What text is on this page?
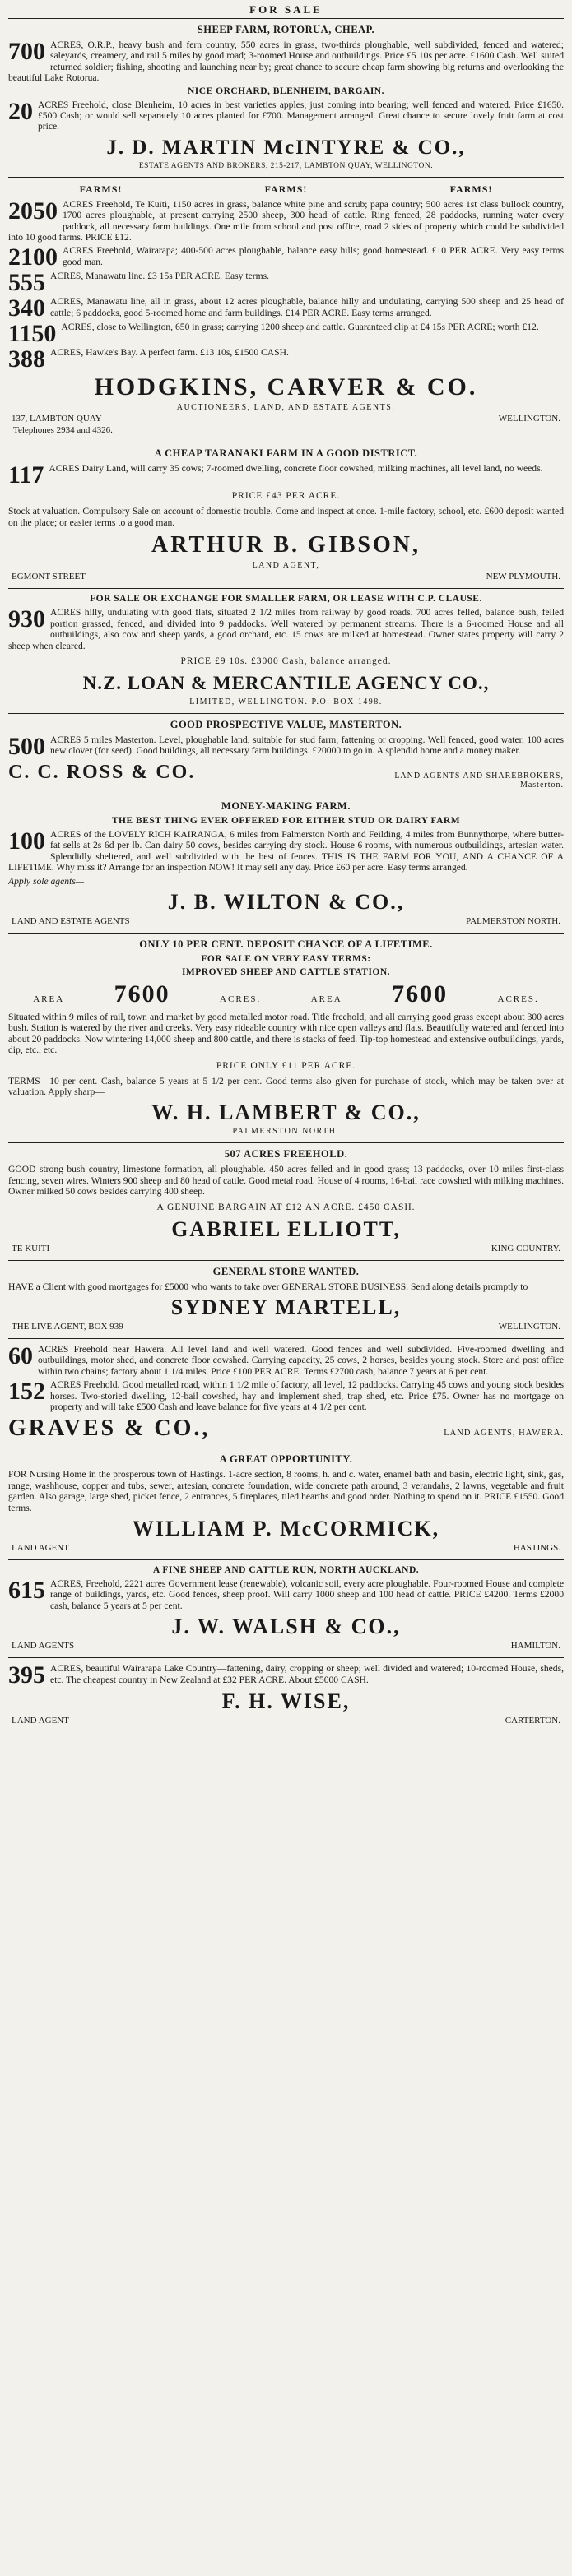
FOR SALE
SHEEP FARM, ROTORUA, CHEAP.
700 ACRES, O.R.P., heavy bush and fern country, 550 acres in grass, two-thirds ploughable, well subdivided, fenced and watered; saleyards, creamery, and rail 5 miles by good road; 3-roomed House and outbuildings. Price £5 10s per acre. £1600 Cash. Well suited returned soldier; fishing, shooting and launching near by; great chance to secure cheap farm showing big returns and overlooking the beautiful Lake Rotorua.
NICE ORCHARD, BLENHEIM, BARGAIN.
20 ACRES Freehold, close Blenheim, 10 acres in best varieties apples, just coming into bearing; well fenced and watered. Price £1650. £500 Cash; or would sell separately 10 acres planted for £700. Management arranged. Great chance to secure lovely fruit farm at cost price.
J. D. MARTIN McINTYRE & CO.,
ESTATE AGENTS AND BROKERS, 215-217, LAMBTON QUAY, WELLINGTON.
FARMS!	FARMS!	FARMS!
2050 ACRES Freehold, Te Kuiti, 1150 acres in grass, balance white pine and scrub; papa country; 500 acres 1st class bullock country, 1700 acres ploughable, at present carrying 2500 sheep, 300 head of cattle. Ring fenced, 28 paddocks, running water every paddock, all necessary farm buildings. One mile from school and post office, road 2 sides of property which could be subdivided into 10 good farms. PRICE £12.
2100 ACRES Freehold, Wairarapa; 400-500 acres ploughable, balance easy hills; good homestead. £10 PER ACRE. Very easy terms good man.
555 ACRES, Manawatu line. £3 15s PER ACRE. Easy terms.
340 ACRES, Manawatu line, all in grass, about 12 acres ploughable, balance hilly and undulating, carrying 500 sheep and 25 head of cattle; 6 paddocks, good 5-roomed home and farm buildings. £14 PER ACRE. Easy terms arranged.
1150 ACRES, close to Wellington, 650 in grass; carrying 1200 sheep and cattle. Guaranteed clip at £4 15s PER ACRE; worth £12.
388 ACRES, Hawke's Bay. A perfect farm. £13 10s, £1500 CASH.
HODGKINS, CARVER & CO.
AUCTIONEERS, LAND, AND ESTATE AGENTS.
137, LAMBTON QUAY	WELLINGTON.
Telephones 2934 and 4326.
A CHEAP TARANAKI FARM IN A GOOD DISTRICT.
117 ACRES Dairy Land, will carry 35 cows; 7-roomed dwelling, concrete floor cowshed, milking machines, all level land, no weeds.
PRICE £43 PER ACRE.
Stock at valuation. Compulsory Sale on account of domestic trouble. Come and inspect at once. 1-mile factory, school, etc. £600 deposit wanted on the place; or easier terms to a good man.
ARTHUR B. GIBSON,
LAND AGENT,
EGMONT STREET	NEW PLYMOUTH.
FOR SALE OR EXCHANGE FOR SMALLER FARM, OR LEASE WITH C.P. CLAUSE.
930 ACRES hilly, undulating with good flats, situated 2 1/2 miles from railway by good roads. 700 acres felled, balance bush, felled portion grassed, fenced, and divided into 9 paddocks. Well watered by permanent streams. There is a 6-roomed House and all outbuildings, also cow and sheep yards, a good orchard, etc. 15 cows are milked at homestead. Owner states property will carry 2 sheep when cleared.
PRICE £9 10s. £3000 Cash, balance arranged.
N.Z. LOAN & MERCANTILE AGENCY CO.,
LIMITED, WELLINGTON. P.O. BOX 1498.
GOOD PROSPECTIVE VALUE, MASTERTON.
500 ACRES 5 miles Masterton. Level, ploughable land, suitable for stud farm, fattening or cropping. Well fenced, good water, 100 acres new clover (for seed). Good buildings, all necessary farm buildings. £20000 to go in. A splendid home and a money maker.
C. C. ROSS & CO.	LAND AGENTS AND SHAREBROKERS, Masterton.
MONEY-MAKING FARM.
THE BEST THING EVER OFFERED FOR EITHER STUD OR DAIRY FARM
100 ACRES of the LOVELY RICH KAIRANGA, 6 miles from Palmerston North and Feilding, 4 miles from Bunnythorpe, where butter-fat sells at 2s 6d per lb. Can dairy 50 cows, besides carrying dry stock. House 6 rooms, with numerous outbuildings, artesian water. Splendidly sheltered, and well subdivided with the best of fences. THIS IS THE FARM FOR YOU, AND A CHANCE OF A LIFETIME. Why miss it? Arrange for an inspection NOW! It may sell any day. Price £60 per acre. Easy terms arranged.
Apply sole agents—
J. B. WILTON & CO.,
LAND AND ESTATE AGENTS	PALMERSTON NORTH.
ONLY 10 PER CENT. DEPOSIT CHANCE OF A LIFETIME.
FOR SALE ON VERY EASY TERMS:
IMPROVED SHEEP AND CATTLE STATION.
AREA 7600	ACRES.	AREA 7600	ACRES.
Situated within 9 miles of rail, town and market by good metalled motor road. Title freehold, and all carrying good grass except about 300 acres bush. Station is watered by the river and creeks. Very easy rideable country with nice open valleys and flats. Beautifully watered and fenced into about 20 paddocks. Now wintering 14,000 sheep and 800 cattle, and there is stacks of feed. Tip-top homestead and extensive outbuildings, yards, dip, etc., etc.
PRICE ONLY £11 PER ACRE.
TERMS—10 per cent. Cash, balance 5 years at 5 1/2 per cent. Good terms also given for purchase of stock, which may be taken over at valuation. Apply sharp—
W. H. LAMBERT & CO.,
PALMERSTON NORTH.
507 ACRES FREEHOLD.
GOOD strong bush country, limestone formation, all ploughable. 450 acres felled and in good grass; 13 paddocks, over 10 miles first-class fencing, seven wires. Winters 900 sheep and 80 head of cattle. Good metal road. House of 4 rooms, 16-bail race cowshed with milking machines. Owner milked 50 cows besides carrying 400 sheep.
A GENUINE BARGAIN AT £12 AN ACRE. £450 CASH.
GABRIEL ELLIOTT,
TE KUITI	KING COUNTRY.
GENERAL STORE WANTED.
HAVE a Client with good mortgages for £5000 who wants to take over GENERAL STORE BUSINESS. Send along details promptly to
SYDNEY MARTELL,
THE LIVE AGENT, BOX 939	WELLINGTON.
60 ACRES Freehold near Hawera. All level land and well watered. Good fences and well subdivided. Five-roomed dwelling and outbuildings, motor shed, and concrete floor cowshed. Carrying capacity, 25 cows, 2 horses, besides young stock. Store and post office within two chains; factory about 1 1/4 miles. Price £100 PER ACRE. Terms £2700 cash, balance 7 years at 6 per cent.
152 ACRES Freehold. Good metalled road, within 1 1/2 mile of factory, all level, 12 paddocks. Carrying 45 cows and young stock besides horses. Two-storied dwelling, 12-bail cowshed, hay and implement shed, trap shed, etc. Price £75. Owner has no mortgage on property and will take £500 Cash and leave balance for five years at 4 1/2 per cent.
GRAVES & CO.,	LAND AGENTS, HAWERA.
A GREAT OPPORTUNITY.
FOR Nursing Home in the prosperous town of Hastings. 1-acre section, 8 rooms, h. and c. water, enamel bath and basin, electric light, sink, gas, range, washhouse, copper and tubs, sewer, artesian, concrete foundation, wide concrete path around, 3 verandahs, 2 lawns, vegetable and fruit garden. Also garage, large shed, picket fence, 2 entrances, 5 fireplaces, tiled hearths and good order. Nothing to spend on it. PRICE £1550. Good terms.
WILLIAM P. McCORMICK,
LAND AGENT	HASTINGS.
A FINE SHEEP AND CATTLE RUN, NORTH AUCKLAND.
615 ACRES, Freehold, 2221 acres Government lease (renewable), volcanic soil, every acre ploughable. Four-roomed House and complete range of buildings, yards, etc. Good fences, sheep proof. Will carry 1000 sheep and 100 head of cattle. PRICE £4200. Terms £2000 cash, balance 5 years at 5 per cent.
J. W. WALSH & CO.,
LAND AGENTS	HAMILTON.
395 ACRES, beautiful Wairarapa Lake Country—fattening, dairy, cropping or sheep; well divided and watered; 10-roomed House, sheds, etc. The cheapest country in New Zealand at £32 PER ACRE. About £5000 CASH.
F. H. WISE,
LAND AGENT	CARTERTON.
